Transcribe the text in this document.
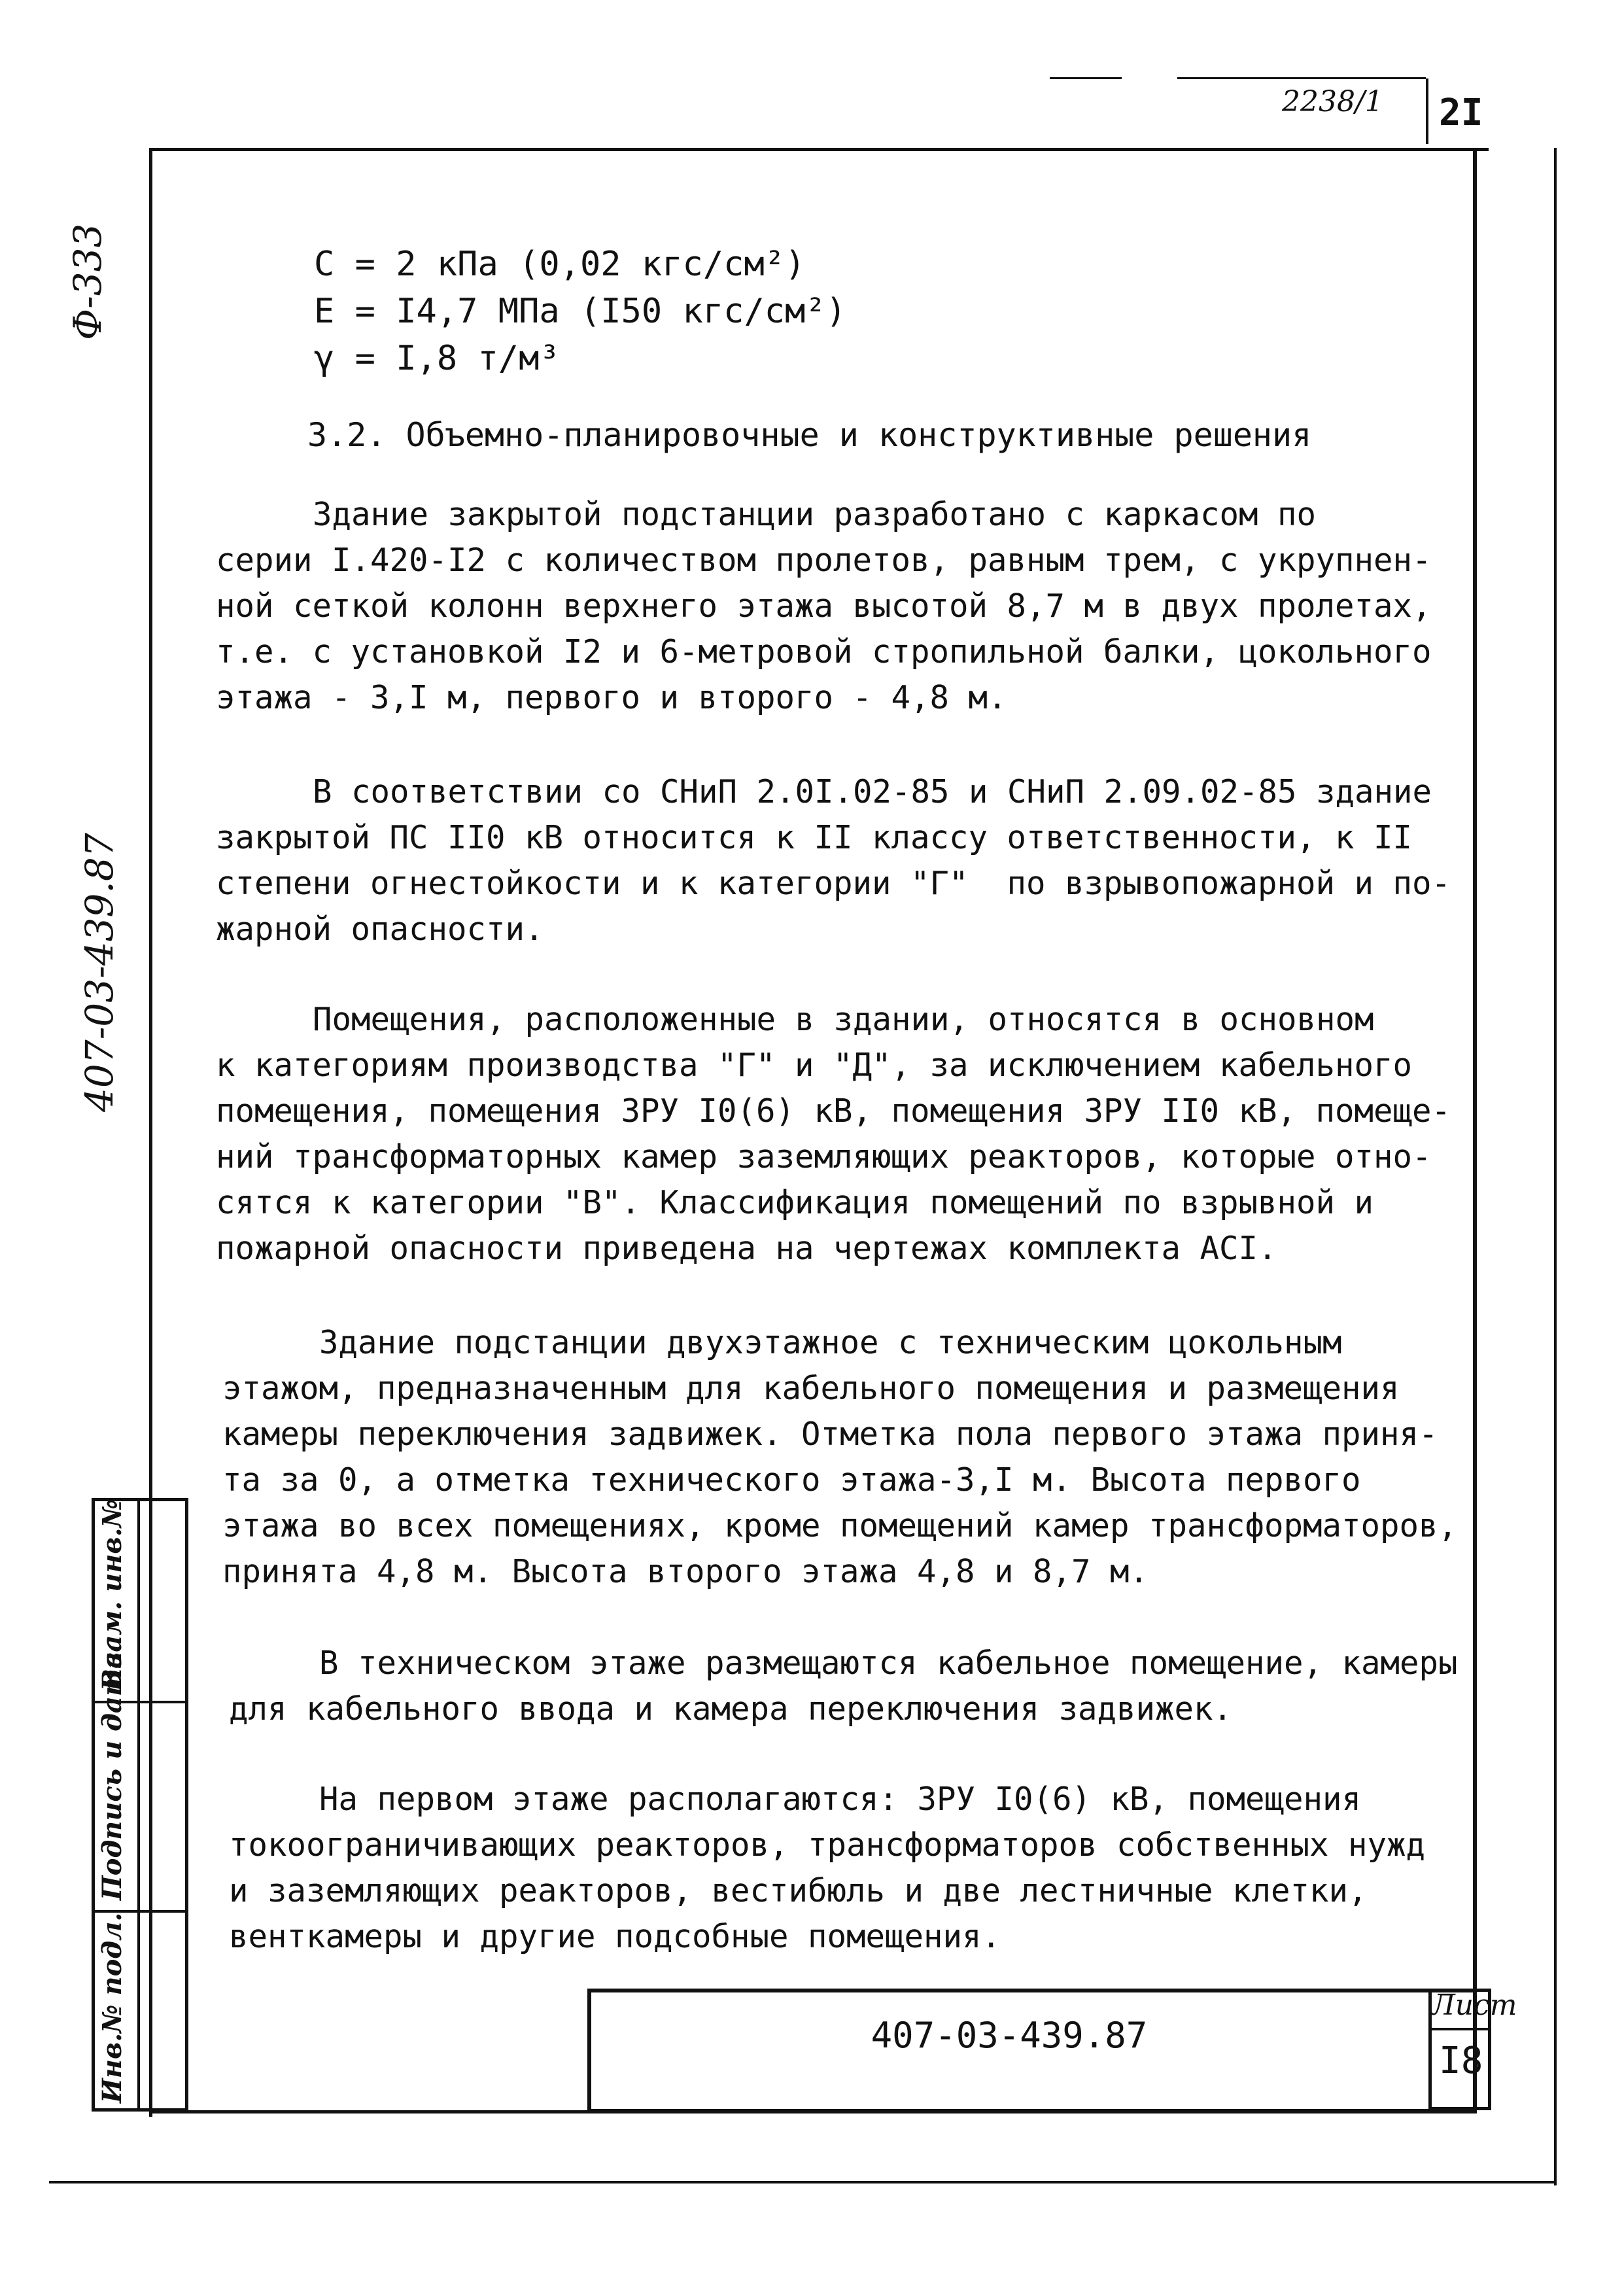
2238/1 2I
Ф-333
407-03-439.87
Инв.№ подл.
Подпись и дата
Взам. инв.№
C = 2 кПа (0,02 кгс/см²)
E = I4,7 МПа (I50 кгс/см²)
γ = I,8 т/м³
3.2. Объемно-планировочные и конструктивные решения
Здание закрытой подстанции разработано с каркасом по
серии I.420-I2 с количеством пролетов, равным трем, с укрупнен-
ной сеткой колонн верхнего этажа высотой 8,7 м в двух пролетах,
т.е. с установкой I2 и 6-метровой стропильной балки, цокольного
этажа - 3,I м, первого и второго - 4,8 м.
В соответствии со СНиП 2.0I.02-85 и СНиП 2.09.02-85 здание
закрытой ПС II0 кВ относится к II классу ответственности, к II
степени огнестойкости и к категории "Г"  по взрывопожарной и по-
жарной опасности.
Помещения, расположенные в здании, относятся в основном
к категориям производства "Г" и "Д", за исключением кабельного
помещения, помещения ЗРУ I0(6) кВ, помещения ЗРУ II0 кВ, помеще-
ний трансформаторных камер заземляющих реакторов, которые отно-
сятся к категории "В". Классификация помещений по взрывной и
пожарной опасности приведена на чертежах комплекта АСI.
Здание подстанции двухэтажное с техническим цокольным
этажом, предназначенным для кабельного помещения и размещения
камеры переключения задвижек. Отметка пола первого этажа приня-
та за 0, а отметка технического этажа-3,I м. Высота первого
этажа во всех помещениях, кроме помещений камер трансформаторов,
принята 4,8 м. Высота второго этажа 4,8 и 8,7 м.
В техническом этаже размещаются кабельное помещение, камеры
для кабельного ввода и камера переключения задвижек.
На первом этаже располагаются: ЗРУ I0(6) кВ, помещения
токоограничивающих реакторов, трансформаторов собственных нужд
и заземляющих реакторов, вестибюль и две лестничные клетки,
венткамеры и другие подсобные помещения.
407-03-439.87
Лист
I8
